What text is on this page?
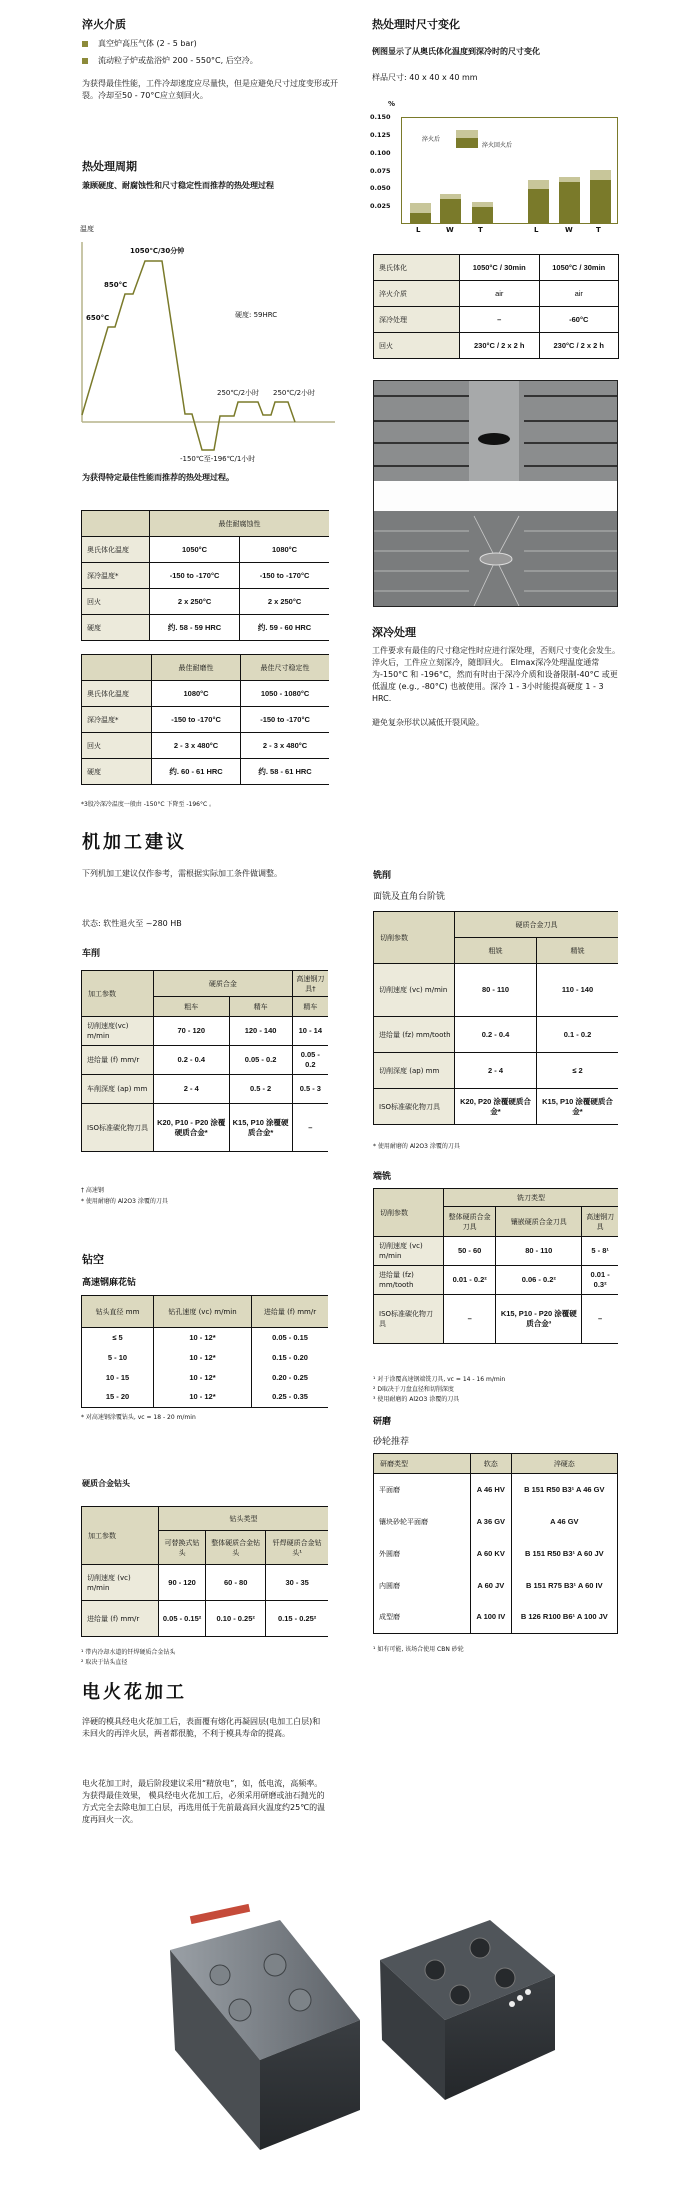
淬火介质
真空炉高压气体 (2 - 5 bar)
流动粒子炉或盐浴炉 200 - 550°C, 后空冷。

为获得最佳性能，工件冷却速度应尽量快，但是应避免尺寸过度变形或开裂。冷却至50 - 70°C应立刻回火。

热处理周期

兼顾硬度、耐腐蚀性和尺寸稳定性而推荐的热处理过程

温度
1050℃/30分钟
850°C
650°C	硬度: 59HRC
250℃/2小时 250℃/2小时
-150℃至-196℃/1小时

为获得特定最佳性能而推荐的热处理过程。

	最佳耐腐蚀性	
奥氏体化温度	1050°C	1080°C
深冷温度*	-150 to -170°C	-150 to -170°C
回火	2 x 250°C	2 x 250°C
硬度	约. 58 - 59 HRC	约. 59 - 60 HRC
	最佳耐磨性	最佳尺寸稳定性
奥氏体化温度	1080°C	1050 - 1080°C
深冷温度*	-150 to -170°C	-150 to -170°C
回火	2 - 3 x 480°C	2 - 3 x 480°C
硬度	约. 60 - 61 HRC	约. 58 - 61 HRC

*3股冷深冷温度一般由 -150°C 下降至 -196°C 。

机加工建议

下列机加工建议仅作参考，需根据实际加工条件做调整。

状态: 软性退火至 ~280 HB

车削

加工参数	硬质合金		高速钢刀具†
	粗车	精车	精车
切削速度(vc) m/min	70 - 120	120 - 140	10 - 14
进给量 (f) mm/r	0.2 - 0.4	0.05 - 0.2	0.05 - 0.2
车削深度 (ap) mm	2 - 4	0.5 - 2	0.5 - 3
ISO标准碳化物刀具	K20, P10 - P20 涂覆硬质合金*	K15, P10 涂覆硬质合金*	–

† 高速钢

* 使用耐磨的 Al2O3 涂覆的刀具

钻空

高速钢麻花钻

钻头直径 mm	钻孔速度 (vc) m/min	进给量 (f) mm/r
≤ 5	10 - 12*	0.05 - 0.15
5 - 10	10 - 12*	0.15 - 0.20
10 - 15	10 - 12*	0.20 - 0.25
15 - 20	10 - 12*	0.25 - 0.35

* 对高速钢涂覆钻头, vc = 18 - 20 m/min

硬质合金钻头

加工参数	钻头类型		
	可替换式钻头	整体硬质合金钻头	钎焊硬质合金钻头¹
切削速度 (vc) m/min	90 - 120	60 - 80	30 - 35
进给量 (f) mm/r	0.05 - 0.15²	0.10 - 0.25²	0.15 - 0.25²

¹ 带内冷却水道的钎焊硬质合金钻头

² 取决于钻头直径

电火花加工

淬硬的模具经电火花加工后，表面覆有熔化再凝固层(电加工白层)和未回火的再淬火层，两者都很脆，不利于模具寿命的提高。

电火花加工时，最后阶段建议采用“精放电”，如，低电流，高频率。为获得最佳效果， 模具经电火花加工后，必须采用研磨或油石抛光的方式完全去除电加工白层，再选用低于先前最高回火温度约25℃的温度再回火一次。

热处理时尺寸变化

例图显示了从奥氏体化温度到深冷时的尺寸变化

样品尺寸: 40 x 40 x 40 mm

%
0.025
0.050
0.075
0.100
0.125
0.150
淬火后
淬火回火后
L	W	T	L	W	T
奥氏体化	1050°C / 30min	1050°C / 30min
淬火介质	air	air
深冷处理	–	-60°C
回火	230°C / 2 x 2 h	230°C / 2 x 2 h
深冷处理

工件要求有最佳的尺寸稳定性时应进行深处理，否则尺寸变化会发生。

淬火后，工件应立刻深冷，随即回火。 Elmax深冷处理温度通常为-150°C 和 -196°C，然而有时由于深冷介质和设备限制-40°C 或更低温度 (e.g., -80°C) 也被使用。深冷 1 - 3小时能提高硬度 1 - 3 HRC.

避免复杂形状以减低开裂风险。

铣削

面铣及直角台阶铣

切削参数	硬质合金刀具	
	粗铣	精铣
切削速度 (vc) m/min	80 - 110	110 - 140
进给量 (fz) mm/tooth	0.2 - 0.4	0.1 - 0.2
切削深度 (ap) mm	2 - 4	≤ 2
ISO标准碳化物刀具	K20, P20 涂覆硬质合金*	K15, P10 涂覆硬质合金*

* 使用耐磨的 Al2O3 涂覆的刀具

端铣

切削参数	铣刀类型		
	整体硬质合金刀具	镶嵌硬质合金刀具	高速钢刀具
切削速度 (vc) m/min	50 - 60	80 - 110	5 - 8¹
进给量 (fz) mm/tooth	0.01 - 0.2²	0.06 - 0.2²	0.01 - 0.3²
ISO标准碳化物刀具	–	K15, P10 - P20 涂覆硬质合金³	–

¹ 对于涂覆高速钢端铣刀具, vc = 14 - 16 m/min

² D取决于刀盘直径和切削深度

³ 使用耐磨的 Al2O3 涂覆的刀具

研磨

砂轮推荐

研磨类型	软态	淬硬态
平面磨	A 46 HV	B 151 R50 B3¹ A 46 GV
镶块砂轮平面磨	A 36 GV	A 46 GV
外圆磨	A 60 KV	B 151 R50 B3¹ A 60 JV
内圆磨	A 60 JV	B 151 R75 B3¹ A 60 IV
成型磨	A 100 IV	B 126 R100 B6¹ A 100 JV

¹ 如有可能, 该场合使用 CBN 砂轮
